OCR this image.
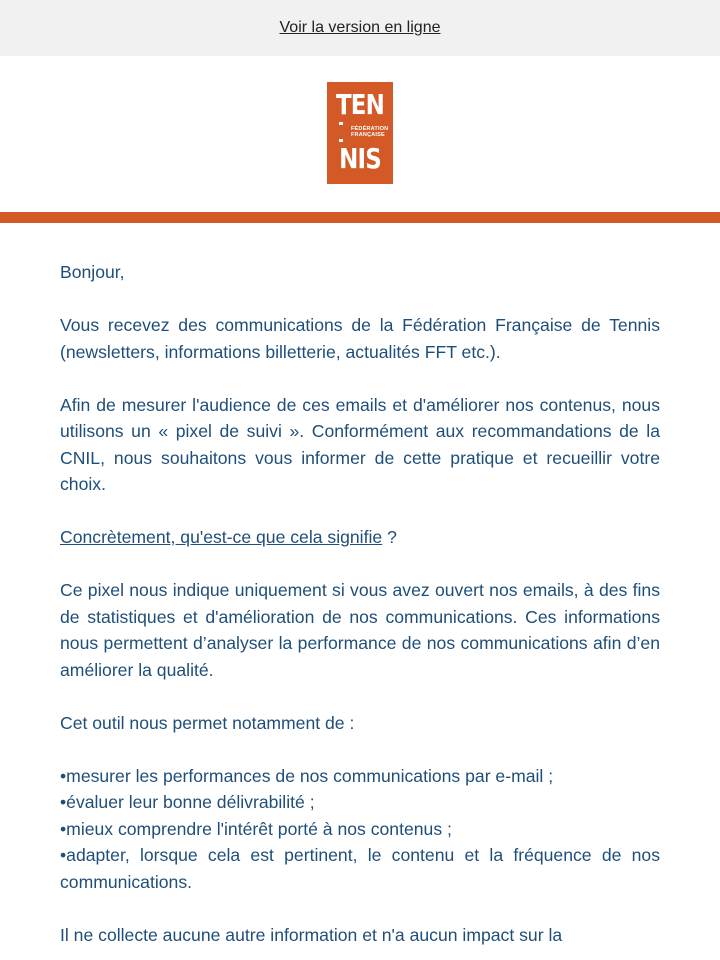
Voir la version en ligne
TEN
FÉDÉRATION
FRANÇAISE
NIS

Bonjour,

Vous recevez des communications de la Fédération Française de Tennis (newsletters, informations billetterie, actualités FFT etc.).

Afin de mesurer l'audience de ces emails et d'améliorer nos contenus, nous utilisons un « pixel de suivi ». Conformément aux recommandations de la CNIL, nous souhaitons vous informer de cette pratique et recueillir votre choix.

Concrètement, qu'est-ce que cela signifie ?

Ce pixel nous indique uniquement si vous avez ouvert nos emails, à des fins de statistiques et d'amélioration de nos communications. Ces informations nous permettent d’analyser la performance de nos communications afin d’en améliorer la qualité.

Cet outil nous permet notamment de :

•mesurer les performances de nos communications par e-mail ;
•évaluer leur bonne délivrabilité ;
•mieux comprendre l'intérêt porté à nos contenus ;
•adapter, lorsque cela est pertinent, le contenu et la fréquence de nos communications.

Il ne collecte aucune autre information et n'a aucun impact sur la
